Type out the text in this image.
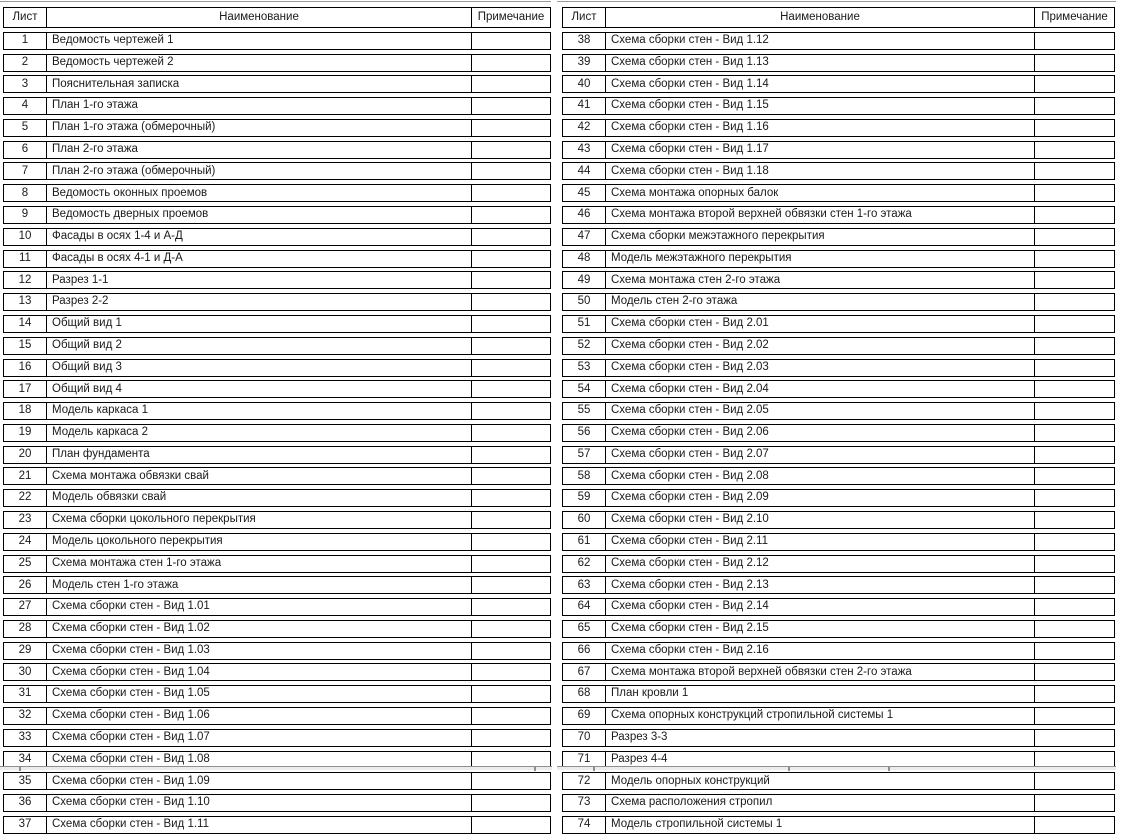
Лист	Наименование	Примечание
1	Ведомость чертежей 1
2	Ведомость чертежей 2
3	Пояснительная записка
4	План 1-го этажа
5	План 1-го этажа (обмерочный)
6	План 2-го этажа
7	План 2-го этажа (обмерочный)
8	Ведомость оконных проемов
9	Ведомость дверных проемов
10	Фасады в осях 1-4 и А-Д
11	Фасады в осях 4-1 и Д-А
12	Разрез 1-1
13	Разрез 2-2
14	Общий вид 1
15	Общий вид 2
16	Общий вид 3
17	Общий вид 4
18	Модель каркаса 1
19	Модель каркаса 2
20	План фундамента
21	Схема монтажа обвязки свай
22	Модель обвязки свай
23	Схема сборки цокольного перекрытия
24	Модель цокольного перекрытия
25	Схема монтажа стен 1-го этажа
26	Модель стен 1-го этажа
27	Схема сборки стен - Вид 1.01
28	Схема сборки стен - Вид 1.02
29	Схема сборки стен - Вид 1.03
30	Схема сборки стен - Вид 1.04
31	Схема сборки стен - Вид 1.05
32	Схема сборки стен - Вид 1.06
33	Схема сборки стен - Вид 1.07
34	Схема сборки стен - Вид 1.08
35	Схема сборки стен - Вид 1.09
36	Схема сборки стен - Вид 1.10
37	Схема сборки стен - Вид 1.11
Лист	Наименование	Примечание
38	Схема сборки стен - Вид 1.12
39	Схема сборки стен - Вид 1.13
40	Схема сборки стен - Вид 1.14
41	Схема сборки стен - Вид 1.15
42	Схема сборки стен - Вид 1.16
43	Схема сборки стен - Вид 1.17
44	Схема сборки стен - Вид 1.18
45	Схема монтажа опорных балок
46	Схема монтажа второй верхней обвязки стен 1-го этажа
47	Схема сборки межэтажного перекрытия
48	Модель межэтажного перекрытия
49	Схема монтажа стен 2-го этажа
50	Модель стен 2-го этажа
51	Схема сборки стен - Вид 2.01
52	Схема сборки стен - Вид 2.02
53	Схема сборки стен - Вид 2.03
54	Схема сборки стен - Вид 2.04
55	Схема сборки стен - Вид 2.05
56	Схема сборки стен - Вид 2.06
57	Схема сборки стен - Вид 2.07
58	Схема сборки стен - Вид 2.08
59	Схема сборки стен - Вид 2.09
60	Схема сборки стен - Вид 2.10
61	Схема сборки стен - Вид 2.11
62	Схема сборки стен - Вид 2.12
63	Схема сборки стен - Вид 2.13
64	Схема сборки стен - Вид 2.14
65	Схема сборки стен - Вид 2.15
66	Схема сборки стен - Вид 2.16
67	Схема монтажа второй верхней обвязки стен 2-го этажа
68	План кровли 1
69	Схема опорных конструкций стропильной системы 1
70	Разрез 3-3
71	Разрез 4-4
72	Модель опорных конструкций
73	Схема расположения стропил
74	Модель стропильной системы 1
